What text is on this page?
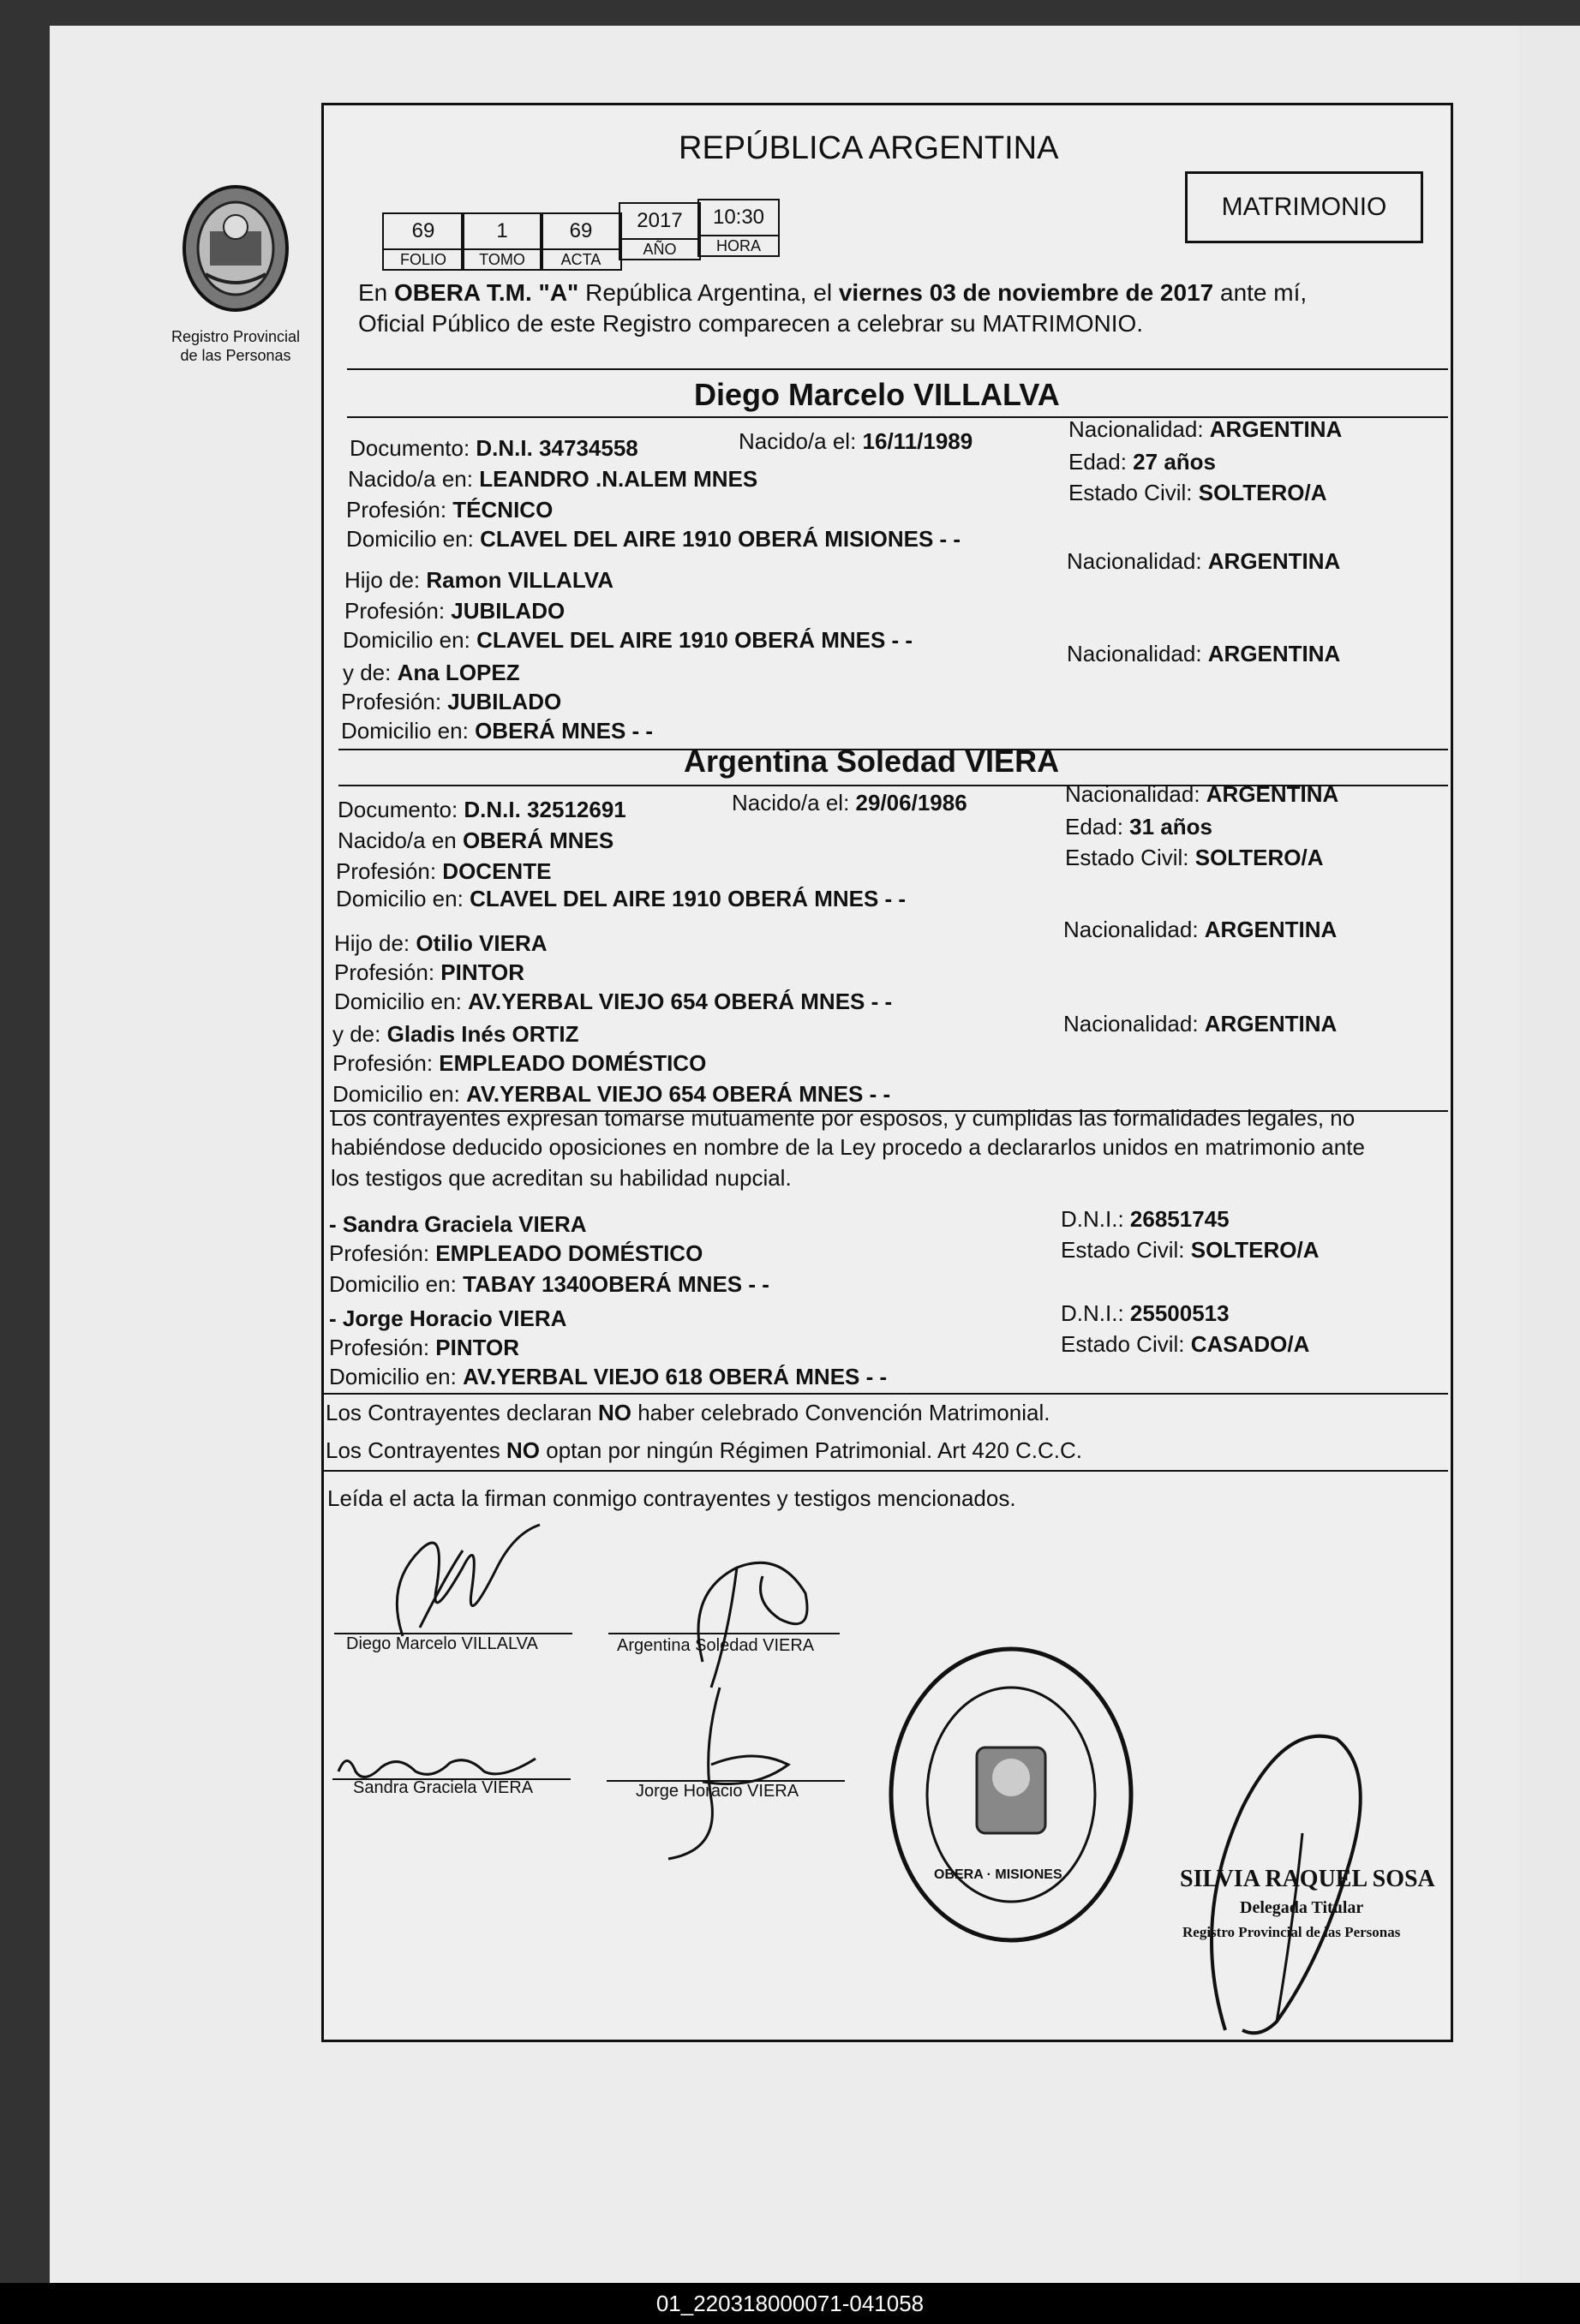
Registro Provincial
de las Personas
REPÚBLICA ARGENTINA
MATRIMONIO
69	1	69	2017	10:30
FOLIO	TOMO	ACTA
AÑO	HORA
En OBERA T.M. "A" República Argentina, el viernes 03 de noviembre de 2017 ante mí,
Oficial Público de este Registro comparecen a celebrar su MATRIMONIO.
Diego Marcelo VILLALVA
Documento: D.N.I. 34734558	Nacido/a el: 16/11/1989	Nacionalidad: ARGENTINA
Nacido/a en: LEANDRO .N.ALEM MNES
Edad: 27 años
Profesión: TÉCNICO
Estado Civil: SOLTERO/A
Domicilio en: CLAVEL DEL AIRE 1910 OBERÁ MISIONES - -
Hijo de: Ramon VILLALVA
Nacionalidad: ARGENTINA
Profesión: JUBILADO
Domicilio en: CLAVEL DEL AIRE 1910 OBERÁ MNES - -
y de: Ana LOPEZ
Nacionalidad: ARGENTINA
Profesión: JUBILADO
Domicilio en: OBERÁ MNES - -
Argentina Soledad VIERA
Documento: D.N.I. 32512691	Nacido/a el: 29/06/1986	Nacionalidad: ARGENTINA
Nacido/a en OBERÁ MNES
Edad: 31 años
Profesión: DOCENTE
Estado Civil: SOLTERO/A
Domicilio en: CLAVEL DEL AIRE 1910 OBERÁ MNES - -
Hijo de: Otilio VIERA
Nacionalidad: ARGENTINA
Profesión: PINTOR
Domicilio en: AV.YERBAL VIEJO 654 OBERÁ MNES - -
y de: Gladis Inés ORTIZ	Nacionalidad: ARGENTINA
Profesión: EMPLEADO DOMÉSTICO
Domicilio en: AV.YERBAL VIEJO 654 OBERÁ MNES - -
Los contrayentes expresan tomarse mutuamente por esposos, y cumplidas las formalidades legales, no
habiéndose deducido oposiciones en nombre de la Ley procedo a declararlos unidos en matrimonio ante
los testigos que acreditan su habilidad nupcial.
- Sandra Graciela VIERA	D.N.I.: 26851745
Profesión: EMPLEADO DOMÉSTICO	Estado Civil: SOLTERO/A
Domicilio en: TABAY 1340OBERÁ MNES - -
- Jorge Horacio VIERA	D.N.I.: 25500513
Profesión: PINTOR	Estado Civil: CASADO/A
Domicilio en: AV.YERBAL VIEJO 618 OBERÁ MNES - -
Los Contrayentes declaran NO haber celebrado Convención Matrimonial.
Los Contrayentes NO optan por ningún Régimen Patrimonial. Art 420 C.C.C.
Leída el acta la firman conmigo contrayentes y testigos mencionados.
Diego Marcelo VILLALVA	Argentina Soledad VIERA
Sandra Graciela VIERA	Jorge Horacio VIERA
OBERA · MISIONES	SILVIA RAQUEL SOSA
Delegada Titular
Registro Provincial de las Personas
01_220318000071-041058
